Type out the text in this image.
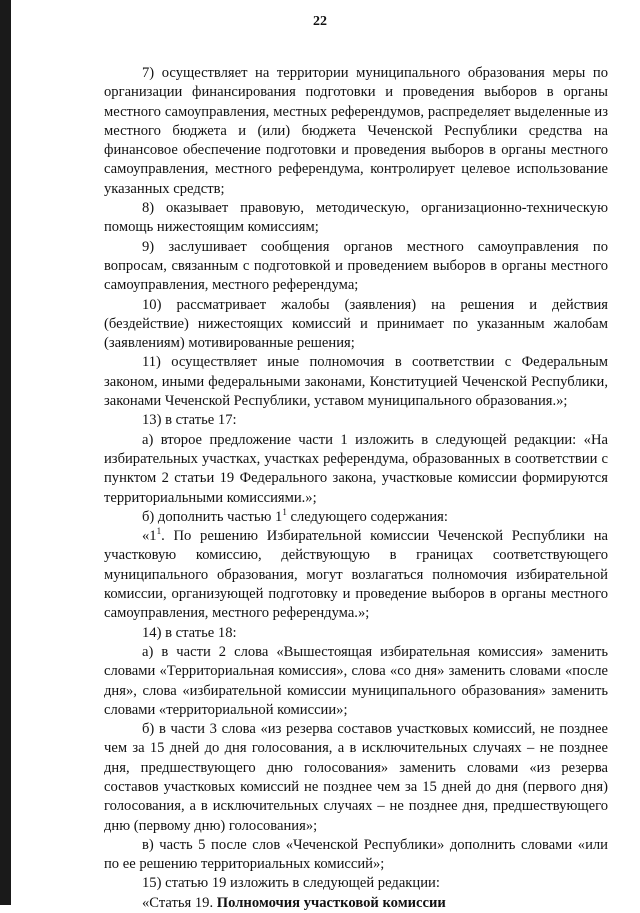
22

7) осуществляет на территории муниципального образования меры по организации финансирования подготовки и проведения выборов в органы местного самоуправления, местных референдумов, распределяет выделенные из местного бюджета и (или) бюджета Чеченской Республики средства на финансовое обеспечение подготовки и проведения выборов в органы местного самоуправления, местного референдума, контролирует целевое использование указанных средств;

8) оказывает правовую, методическую, организационно-техническую помощь нижестоящим комиссиям;

9) заслушивает сообщения органов местного самоуправления по вопросам, связанным с подготовкой и проведением выборов в органы местного самоуправления, местного референдума;

10) рассматривает жалобы (заявления) на решения и действия (бездействие) нижестоящих комиссий и принимает по указанным жалобам (заявлениям) мотивированные решения;

11) осуществляет иные полномочия в соответствии с Федеральным законом, иными федеральными законами, Конституцией Чеченской Республики, законами Чеченской Республики, уставом муниципального образования.»;

13) в статье 17:

а) второе предложение части 1 изложить в следующей редакции: «На избирательных участках, участках референдума, образованных в соответствии с пунктом 2 статьи 19 Федерального закона, участковые комиссии формируются территориальными комиссиями.»;

б) дополнить частью $1^1$ следующего содержания:

«$1^1$. По решению Избирательной комиссии Чеченской Республики на участковую комиссию, действующую в границах соответствующего муниципального образования, могут возлагаться полномочия избирательной комиссии, организующей подготовку и проведение выборов в органы местного самоуправления, местного референдума.»;

14) в статье 18:

а) в части 2 слова «Вышестоящая избирательная комиссия» заменить словами «Территориальная комиссия», слова «со дня» заменить словами «после дня», слова «избирательной комиссии муниципального образования» заменить словами «территориальной комиссии»;

б) в части 3 слова «из резерва составов участковых комиссий, не позднее чем за 15 дней до дня голосования, а в исключительных случаях – не позднее дня, предшествующего дню голосования» заменить словами «из резерва составов участковых комиссий не позднее чем за 15 дней до дня (первого дня) голосования, а в исключительных случаях – не позднее дня, предшествующего дню (первому дню) голосования»;

в) часть 5 после слов «Чеченской Республики» дополнить словами «или по ее решению территориальных комиссий»;

15) статью 19 изложить в следующей редакции:

«Статья 19. Полномочия участковой комиссии
